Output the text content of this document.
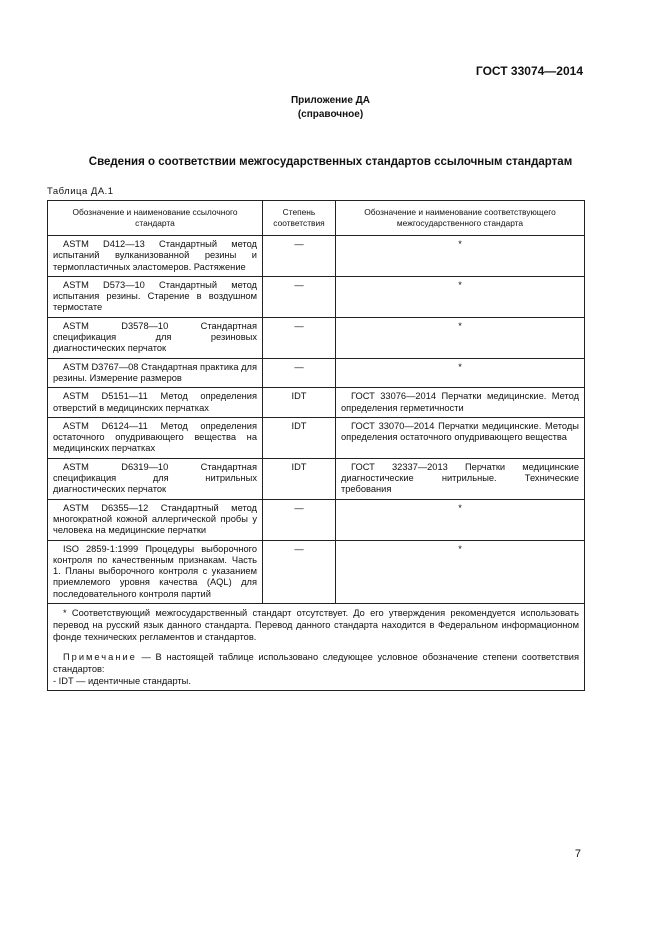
ГОСТ 33074—2014
Приложение ДА
(справочное)
Сведения о соответствии межгосударственных стандартов ссылочным стандартам
Таблица ДА.1
Обозначение и наименование ссылочного стандарта	Степень соответствия	Обозначение и наименование соответствующего межгосударственного стандарта
ASTM D412—13 Стандартный метод испытаний вулканизованной резины и термопластичных эластомеров. Растяжение	—	*
ASTM D573—10 Стандартный метод испытания резины. Старение в воздушном термостате	—	*
ASTM D3578—10 Стандартная спецификация для резиновых диагностических перчаток	—	*
ASTM D3767—08 Стандартная практика для резины. Измерение размеров	—	*
ASTM D5151—11 Метод определения отверстий в медицинских перчатках	IDT	ГОСТ 33076—2014 Перчатки медицинские. Метод определения герметичности
ASTM D6124—11 Метод определения остаточного опудривающего вещества на медицинских перчатках	IDT	ГОСТ 33070—2014 Перчатки медицинские. Методы определения остаточного опудривающего вещества
ASTM D6319—10 Стандартная спецификация для нитрильных диагностических перчаток	IDT	ГОСТ 32337—2013 Перчатки медицинские диагностические нитрильные. Технические требования
ASTM D6355—12 Стандартный метод многократной кожной аллергической пробы у человека на медицинские перчатки	—	*
ISO 2859-1:1999 Процедуры выборочного контроля по качественным признакам. Часть 1. Планы выборочного контроля с указанием приемлемого уровня качества (AQL) для последовательного контроля партий	—	*

* Соответствующий межгосударственный стандарт отсутствует. До его утверждения рекомендуется использовать перевод на русский язык данного стандарта. Перевод данного стандарта находится в Федеральном информационном фонде технических регламентов и стандартов.

Примечание — В настоящей таблице использовано следующее условное обозначение степени соответствия стандартов:

- IDT — идентичные стандарты.		
7
